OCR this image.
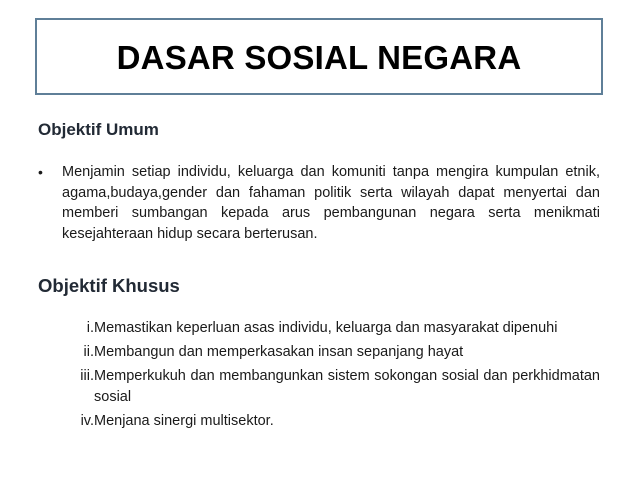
DASAR SOSIAL NEGARA
Objektif Umum
•	Menjamin setiap individu, keluarga dan komuniti tanpa mengira kumpulan etnik, agama,budaya,gender dan fahaman politik serta wilayah dapat menyertai dan memberi sumbangan kepada arus pembangunan negara serta menikmati kesejahteraan hidup secara berterusan.
Objektif Khusus
i. Memastikan keperluan asas individu, keluarga dan masyarakat dipenuhi
ii. Membangun dan memperkasakan insan sepanjang hayat
iii. Memperkukuh dan membangunkan sistem sokongan sosial dan perkhidmatan sosial
iv. Menjana sinergi multisektor.
